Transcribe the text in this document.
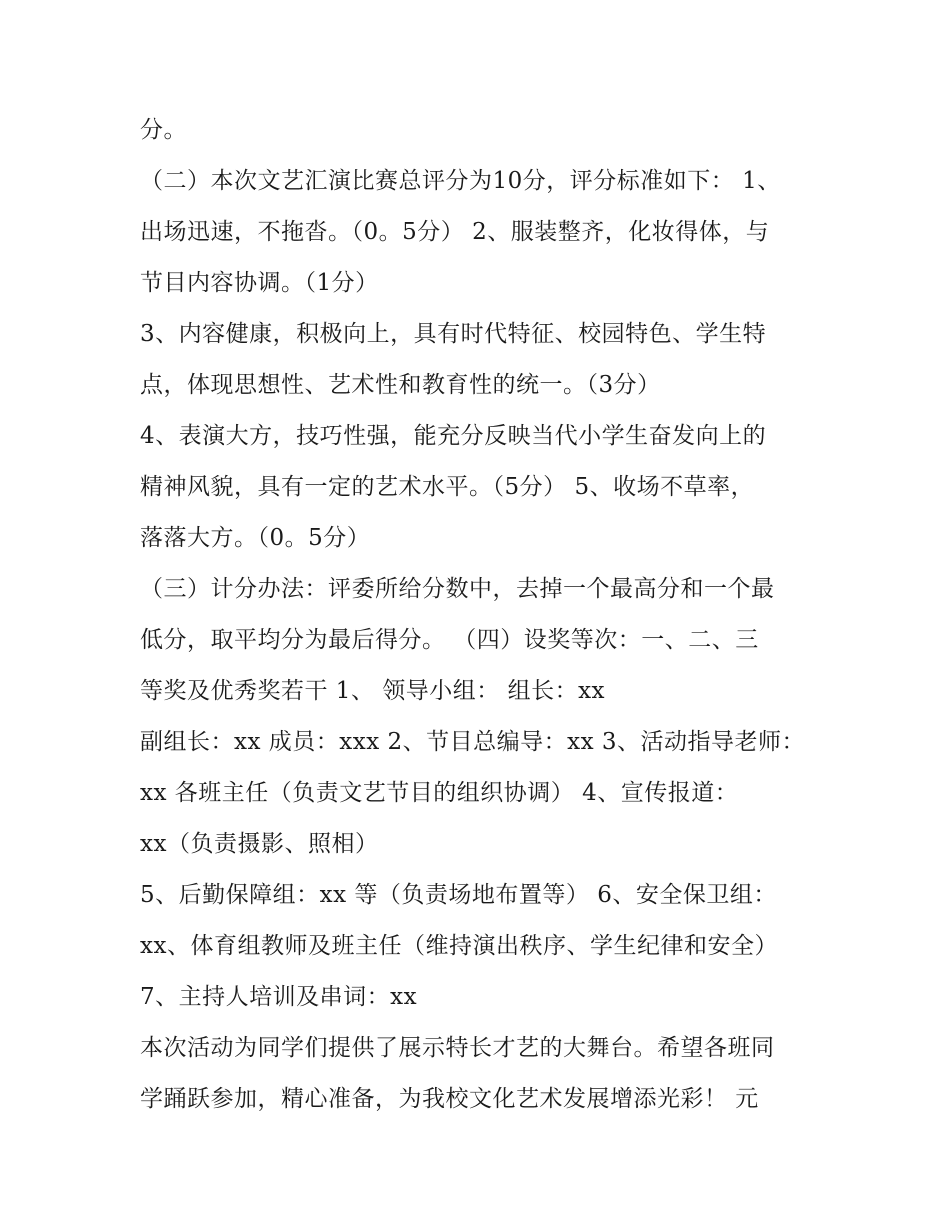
分。
（二）本次文艺汇演比赛总评分为10分，评分标准如下： 1、
出场迅速，不拖沓。（0。5分） 2、服装整齐，化妆得体，与
节目内容协调。（1分）
3、内容健康，积极向上，具有时代特征、校园特色、学生特
点，体现思想性、艺术性和教育性的统一。（3分）
4、表演大方，技巧性强，能充分反映当代小学生奋发向上的
精神风貌，具有一定的艺术水平。（5分） 5、收场不草率，
落落大方。（0。5分）
（三）计分办法：评委所给分数中，去掉一个最高分和一个最
低分，取平均分为最后得分。 （四）设奖等次：一、二、三
等奖及优秀奖若干 1、 领导小组： 组长：xx
副组长：xx 成员：xxx 2、节目总编导：xx 3、活动指导老师：
xx 各班主任（负责文艺节目的组织协调） 4、宣传报道：
xx（负责摄影、照相）
5、后勤保障组：xx 等（负责场地布置等） 6、安全保卫组：
xx、体育组教师及班主任（维持演出秩序、学生纪律和安全）
7、主持人培训及串词：xx
本次活动为同学们提供了展示特长才艺的大舞台。希望各班同
学踊跃参加，精心准备，为我校文化艺术发展增添光彩！ 元
